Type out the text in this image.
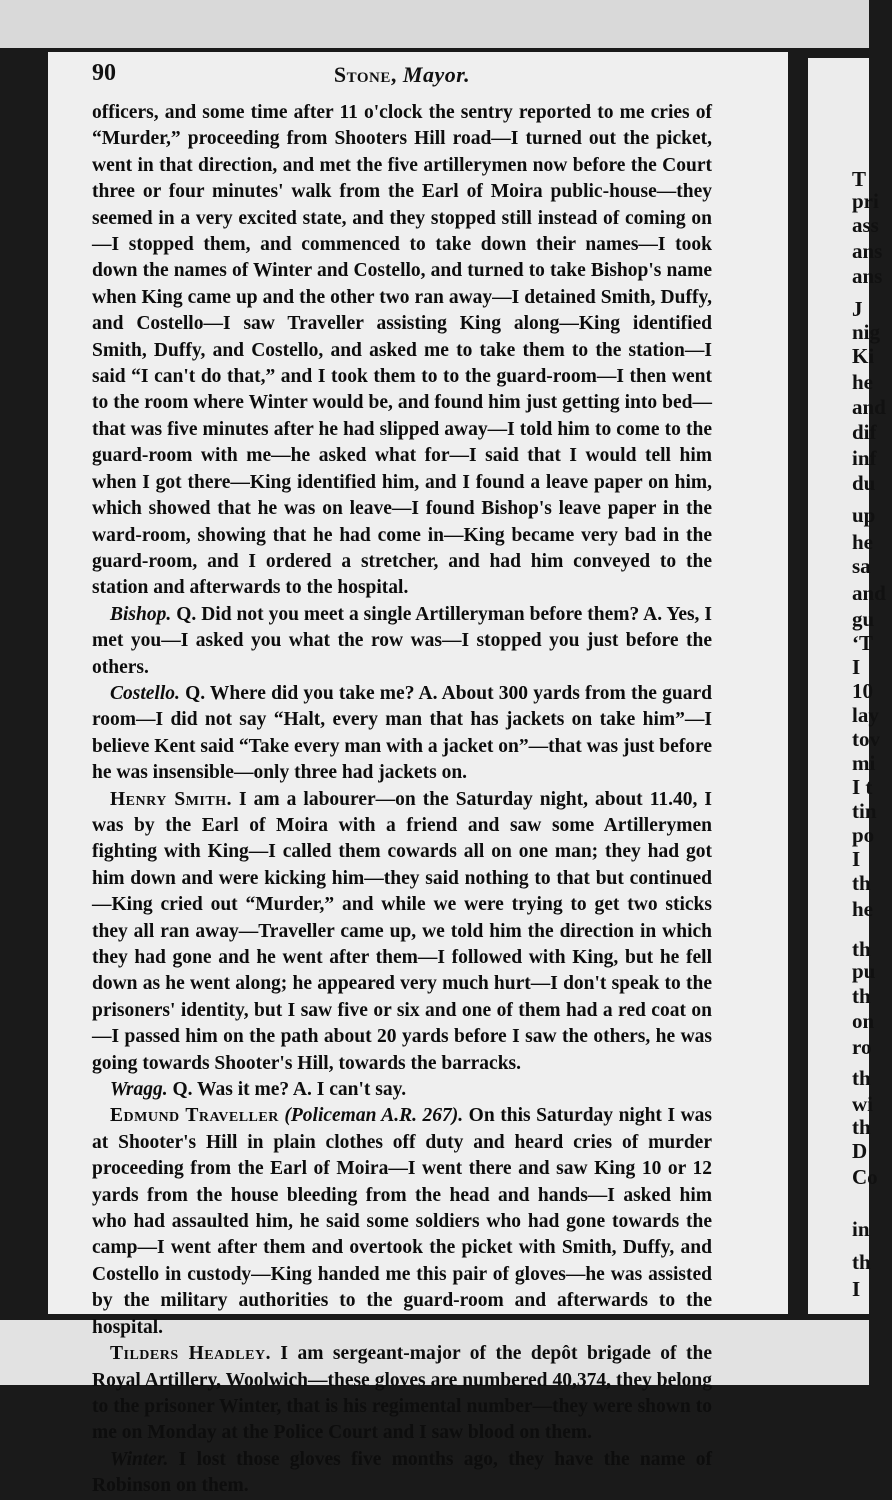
T
pri
ass
ans
ans
J
nig
Ki
he
and
dif
inf
du
up
he
sa
and
gu
‘T
I
10
lay
tov
mi
I t
tin
po
I
th
he
th
pu
th
on
ro
th
wi
th
D
Co
in
th
I
90	Stone, Mayor.

officers, and some time after 11 o'clock the sentry reported to me cries of “Murder,” proceeding from Shooters Hill road—I turned out the picket, went in that direction, and met the five artillerymen now before the Court three or four minutes' walk from the Earl of Moira public-house—they seemed in a very excited state, and they stopped still instead of coming on—I stopped them, and commenced to take down their names—I took down the names of Winter and Costello, and turned to take Bishop's name when King came up and the other two ran away—I detained Smith, Duffy, and Costello—I saw Traveller assisting King along—King identified Smith, Duffy, and Costello, and asked me to take them to the station—I said “I can't do that,” and I took them to to the guard-room—I then went to the room where Winter would be, and found him just getting into bed—that was five minutes after he had slipped away—I told him to come to the guard-room with me—he asked what for—I said that I would tell him when I got there—King identified him, and I found a leave paper on him, which showed that he was on leave—I found Bishop's leave paper in the ward-room, showing that he had come in—King became very bad in the guard-room, and I ordered a stretcher, and had him conveyed to the station and afterwards to the hospital.

Bishop. Q. Did not you meet a single Artilleryman before them? A. Yes, I met you—I asked you what the row was—I stopped you just before the others.

Costello. Q. Where did you take me? A. About 300 yards from the guard room—I did not say “Halt, every man that has jackets on take him”—I believe Kent said “Take every man with a jacket on”—that was just before he was insensible—only three had jackets on.

Henry Smith. I am a labourer—on the Saturday night, about 11.40, I was by the Earl of Moira with a friend and saw some Artillerymen fighting with King—I called them cowards all on one man; they had got him down and were kicking him—they said nothing to that but continued—King cried out “Murder,” and while we were trying to get two sticks they all ran away—Traveller came up, we told him the direction in which they had gone and he went after them—I followed with King, but he fell down as he went along; he appeared very much hurt—I don't speak to the prisoners' identity, but I saw five or six and one of them had a red coat on—I passed him on the path about 20 yards before I saw the others, he was going towards Shooter's Hill, towards the barracks.

Wragg. Q. Was it me? A. I can't say.

Edmund Traveller (Policeman A.R. 267). On this Saturday night I was at Shooter's Hill in plain clothes off duty and heard cries of murder proceeding from the Earl of Moira—I went there and saw King 10 or 12 yards from the house bleeding from the head and hands—I asked him who had assaulted him, he said some soldiers who had gone towards the camp—I went after them and overtook the picket with Smith, Duffy, and Costello in custody—King handed me this pair of gloves—he was assisted by the military authorities to the guard-room and afterwards to the hospital.

Tilders Headley. I am sergeant-major of the depôt brigade of the Royal Artillery, Woolwich—these gloves are numbered 40,374, they belong to the prisoner Winter, that is his regimental number—they were shown to me on Monday at the Police Court and I saw blood on them.

Winter. I lost those gloves five months ago, they have the name of Robinson on them.
